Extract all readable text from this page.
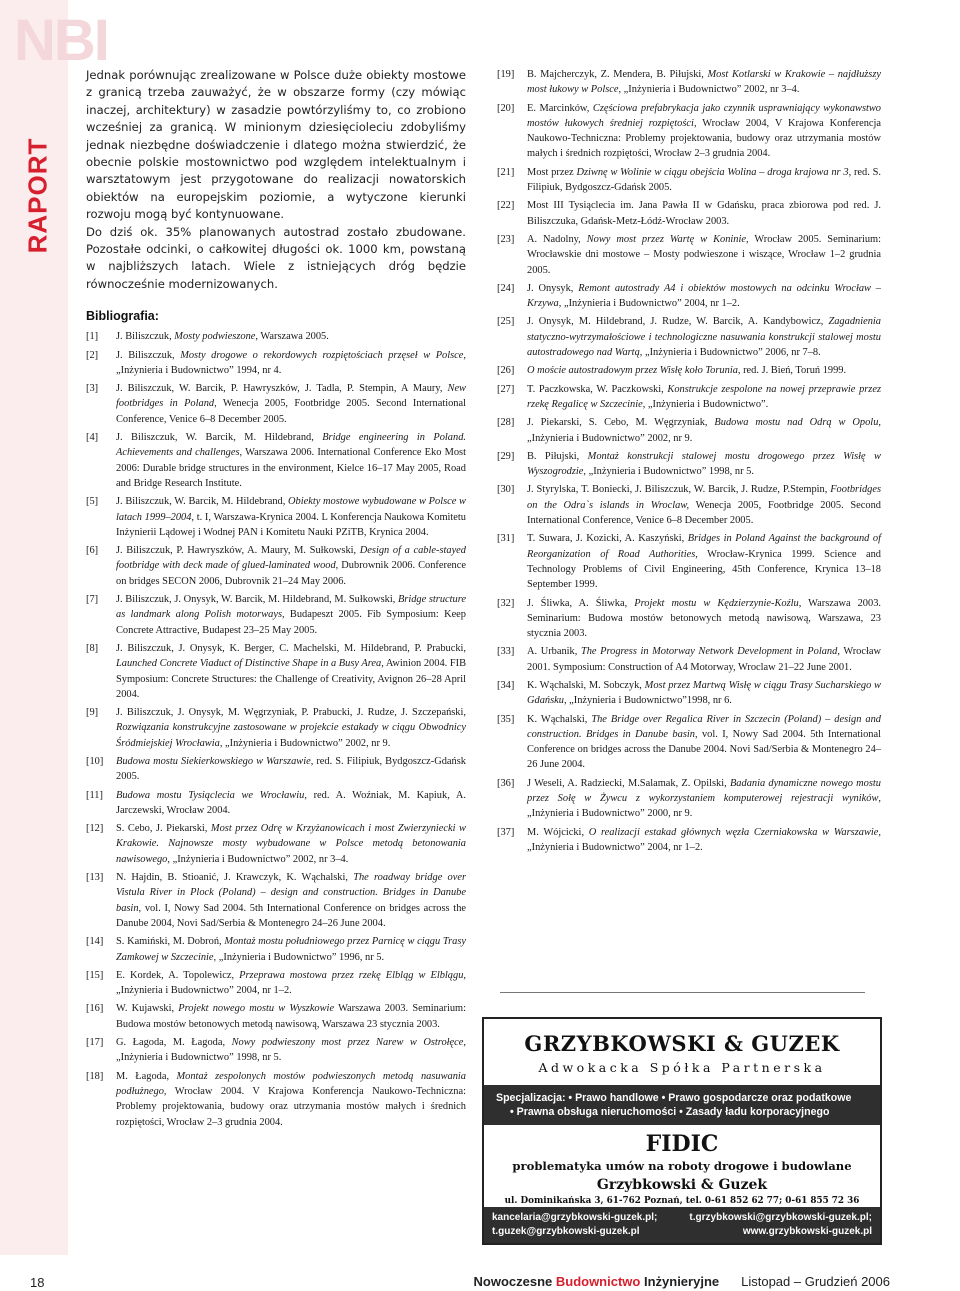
NBI
RAPORT

Jednak porównując zrealizowane w Polsce duże obiekty mostowe z granicą trzeba zauważyć, że w obszarze formy (czy mówiąc inaczej, architektury) w zasadzie powtórzyliśmy to, co zrobiono wcześniej za granicą. W minionym dziesięcioleciu zdobyliśmy jednak niezbędne doświadczenie i dlatego można stwierdzić, że obecnie polskie mostownictwo pod względem intelektualnym i warsztatowym jest przygotowane do realizacji nowatorskich obiektów na europejskim poziomie, a wytyczone kierunki rozwoju mogą być kontynuowane.

Do dziś ok. 35% planowanych autostrad zostało zbudowane. Pozostałe odcinki, o całkowitej długości ok. 1000 km, powstaną w najbliższych latach. Wiele z istniejących dróg będzie równocześnie modernizowanych.

Bibliografia:
[1] J. Biliszczuk, Mosty podwieszone, Warszawa 2005.
[2] J. Biliszczuk, Mosty drogowe o rekordowych rozpiętościach przęseł w Polsce, „Inżynieria i Budownictwo” 1994, nr 4.
[3] J. Biliszczuk, W. Barcik, P. Hawryszków, J. Tadla, P. Stempin, A Maury, New footbridges in Poland, Wenecja 2005, Footbridge 2005. Second International Conference, Venice 6–8 December 2005.
[4] J. Biliszczuk, W. Barcik, M. Hildebrand, Bridge engineering in Poland. Achievements and challenges, Warszawa 2006. International Conference Eko Most 2006: Durable bridge structures in the environment, Kielce 16–17 May 2005, Road and Bridge Research Institute.
[5] J. Biliszczuk, W. Barcik, M. Hildebrand, Obiekty mostowe wybudowane w Polsce w latach 1999–2004, t. I, Warszawa-Krynica 2004. L Konferencja Naukowa Komitetu Inżynierii Lądowej i Wodnej PAN i Komitetu Nauki PZiTB, Krynica 2004.
[6] J. Biliszczuk, P. Hawryszków, A. Maury, M. Sułkowski, Design of a cable-stayed footbridge with deck made of glued-laminated wood, Dubrownik 2006. Conference on bridges SECON 2006, Dubrovnik 21–24 May 2006.
[7] J. Biliszczuk, J. Onysyk, W. Barcik, M. Hildebrand, M. Sułkowski, Bridge structure as landmark along Polish motorways, Budapeszt 2005. Fib Symposium: Keep Concrete Attractive, Budapest 23–25 May 2005.
[8] J. Biliszczuk, J. Onysyk, K. Berger, C. Machelski, M. Hildebrand, P. Prabucki, Launched Concrete Viaduct of Distinctive Shape in a Busy Area, Awinion 2004. FIB Symposium: Concrete Structures: the Challenge of Creativity, Avignon 26–28 April 2004.
[9] J. Biliszczuk, J. Onysyk, M. Węgrzyniak, P. Prabucki, J. Rudze, J. Szczepański, Rozwiązania konstrukcyjne zastosowane w projekcie estakady w ciągu Obwodnicy Śródmiejskiej Wrocławia, „Inżynieria i Budownictwo” 2002, nr 9.
[10] Budowa mostu Siekierkowskiego w Warszawie, red. S. Filipiuk, Bydgoszcz-Gdańsk 2005.
[11] Budowa mostu Tysiąclecia we Wrocławiu, red. A. Woźniak, M. Kapiuk, A. Jarczewski, Wrocław 2004.
[12] S. Cebo, J. Piekarski, Most przez Odrę w Krzyżanowicach i most Zwierzyniecki w Krakowie. Najnowsze mosty wybudowane w Polsce metodą betonowania nawisowego, „Inżynieria i Budownictwo” 2002, nr 3–4.
[13] N. Hajdin, B. Stioanić, J. Krawczyk, K. Wąchalski, The roadway bridge over Vistula River in Plock (Poland) – design and construction. Bridges in Danube basin, vol. I, Nowy Sad 2004. 5th International Conference on bridges across the Danube 2004, Novi Sad/Serbia & Montenegro 24–26 June 2004.
[14] S. Kamiński, M. Dobroń, Montaż mostu południowego przez Parnicę w ciągu Trasy Zamkowej w Szczecinie, „Inżynieria i Budownictwo” 1996, nr 5.
[15] E. Kordek, A. Topolewicz, Przeprawa mostowa przez rzekę Elbląg w Elblągu, „Inżynieria i Budownictwo” 2004, nr 1–2.
[16] W. Kujawski, Projekt nowego mostu w Wyszkowie Warszawa 2003. Seminarium: Budowa mostów betonowych metodą nawisową, Warszawa 23 stycznia 2003.
[17] G. Łagoda, M. Łagoda, Nowy podwieszony most przez Narew w Ostrołęce, „Inżynieria i Budownictwo” 1998, nr 5.
[18] M. Łagoda, Montaż zespolonych mostów podwieszonych metodą nasuwania podłużnego, Wrocław 2004. V Krajowa Konferencja Naukowo-Techniczna: Problemy projektowania, budowy oraz utrzymania mostów małych i średnich rozpiętości, Wrocław 2–3 grudnia 2004.
[19] B. Majcherczyk, Z. Mendera, B. Piłujski, Most Kotlarski w Krakowie – najdłuższy most łukowy w Polsce, „Inżynieria i Budownictwo” 2002, nr 3–4.
[20] E. Marcinków, Częściowa prefabrykacja jako czynnik usprawniający wykonawstwo mostów łukowych średniej rozpiętości, Wrocław 2004, V Krajowa Konferencja Naukowo-Techniczna: Problemy projektowania, budowy oraz utrzymania mostów małych i średnich rozpiętości, Wrocław 2–3 grudnia 2004.
[21] Most przez Dziwnę w Wolinie w ciągu obejścia Wolina – droga krajowa nr 3, red. S. Filipiuk, Bydgoszcz-Gdańsk 2005.
[22] Most III Tysiąclecia im. Jana Pawła II w Gdańsku, praca zbiorowa pod red. J. Biliszczuka, Gdańsk-Metz-Łódź-Wrocław 2003.
[23] A. Nadolny, Nowy most przez Wartę w Koninie, Wrocław 2005. Seminarium: Wrocławskie dni mostowe – Mosty podwieszone i wiszące, Wrocław 1–2 grudnia 2005.
[24] J. Onysyk, Remont autostrady A4 i obiektów mostowych na odcinku Wrocław – Krzywa, „Inżynieria i Budownictwo” 2004, nr 1–2.
[25] J. Onysyk, M. Hildebrand, J. Rudze, W. Barcik, A. Kandybowicz, Zagadnienia statyczno-wytrzymałościowe i technologiczne nasuwania konstrukcji stalowej mostu autostradowego nad Wartą, „Inżynieria i Budownictwo” 2006, nr 7–8.
[26] O moście autostradowym przez Wisłę koło Torunia, red. J. Bień, Toruń 1999.
[27] T. Paczkowska, W. Paczkowski, Konstrukcje zespolone na nowej przeprawie przez rzekę Regalicę w Szczecinie, „Inżynieria i Budownictwo”.
[28] J. Piekarski, S. Cebo, M. Węgrzyniak, Budowa mostu nad Odrą w Opolu, „Inżynieria i Budownictwo” 2002, nr 9.
[29] B. Piłujski, Montaż konstrukcji stalowej mostu drogowego przez Wisłę w Wyszogrodzie, „Inżynieria i Budownictwo” 1998, nr 5.
[30] J. Styrylska, T. Boniecki, J. Biliszczuk, W. Barcik, J. Rudze, P.Stempin, Footbridges on the Odra`s islands in Wroclaw, Wenecja 2005, Footbridge 2005. Second International Conference, Venice 6–8 December 2005.
[31] T. Suwara, J. Kozicki, A. Kaszyński, Bridges in Poland Against the background of Reorganization of Road Authorities, Wrocław-Krynica 1999. Science and Technology Problems of Civil Engineering, 45th Conference, Krynica 13–18 September 1999.
[32] J. Śliwka, A. Śliwka, Projekt mostu w Kędzierzynie-Koźlu, Warszawa 2003. Seminarium: Budowa mostów betonowych metodą nawisową, Warszawa, 23 stycznia 2003.
[33] A. Urbanik, The Progress in Motorway Network Development in Poland, Wrocław 2001. Symposium: Construction of A4 Motorway, Wroclaw 21–22 June 2001.
[34] K. Wąchalski, M. Sobczyk, Most przez Martwą Wisłę w ciągu Trasy Sucharskiego w Gdańsku, „Inżynieria i Budownictwo”1998, nr 6.
[35] K. Wąchalski, The Bridge over Regalica River in Szczecin (Poland) – design and construction. Bridges in Danube basin, vol. I, Nowy Sad 2004. 5th International Conference on bridges across the Danube 2004. Novi Sad/Serbia & Montenegro 24–26 June 2004.
[36] J Weseli, A. Radziecki, M.Salamak, Z. Opilski, Badania dynamiczne nowego mostu przez Sołę w Żywcu z wykorzystaniem komputerowej rejestracji wyników, „Inżynieria i Budownictwo” 2000, nr 9.
[37] M. Wójcicki, O realizacji estakad głównych węzła Czerniakowska w Warszawie, „Inżynieria i Budownictwo” 2004, nr 1–2.
GRZYBKOWSKI & GUZEK
Adwokacka Spółka Partnerska
Specjalizacja: • Prawo handlowe • Prawo gospodarcze oraz podatkowe
• Prawna obsługa nieruchomości • Zasady ładu korporacyjnego
FIDIC
problematyka umów na roboty drogowe i budowlane
Grzybkowski & Guzek
ul. Dominikańska 3, 61-762 Poznań, tel. 0-61 852 62 77; 0-61 855 72 36
kancelaria@grzybkowski-guzek.pl;	t.grzybkowski@grzybkowski-guzek.pl;
t.guzek@grzybkowski-guzek.pl	www.grzybkowski-guzek.pl
18	Nowoczesne Budownictwo Inżynieryjne Listopad – Grudzień 2006
